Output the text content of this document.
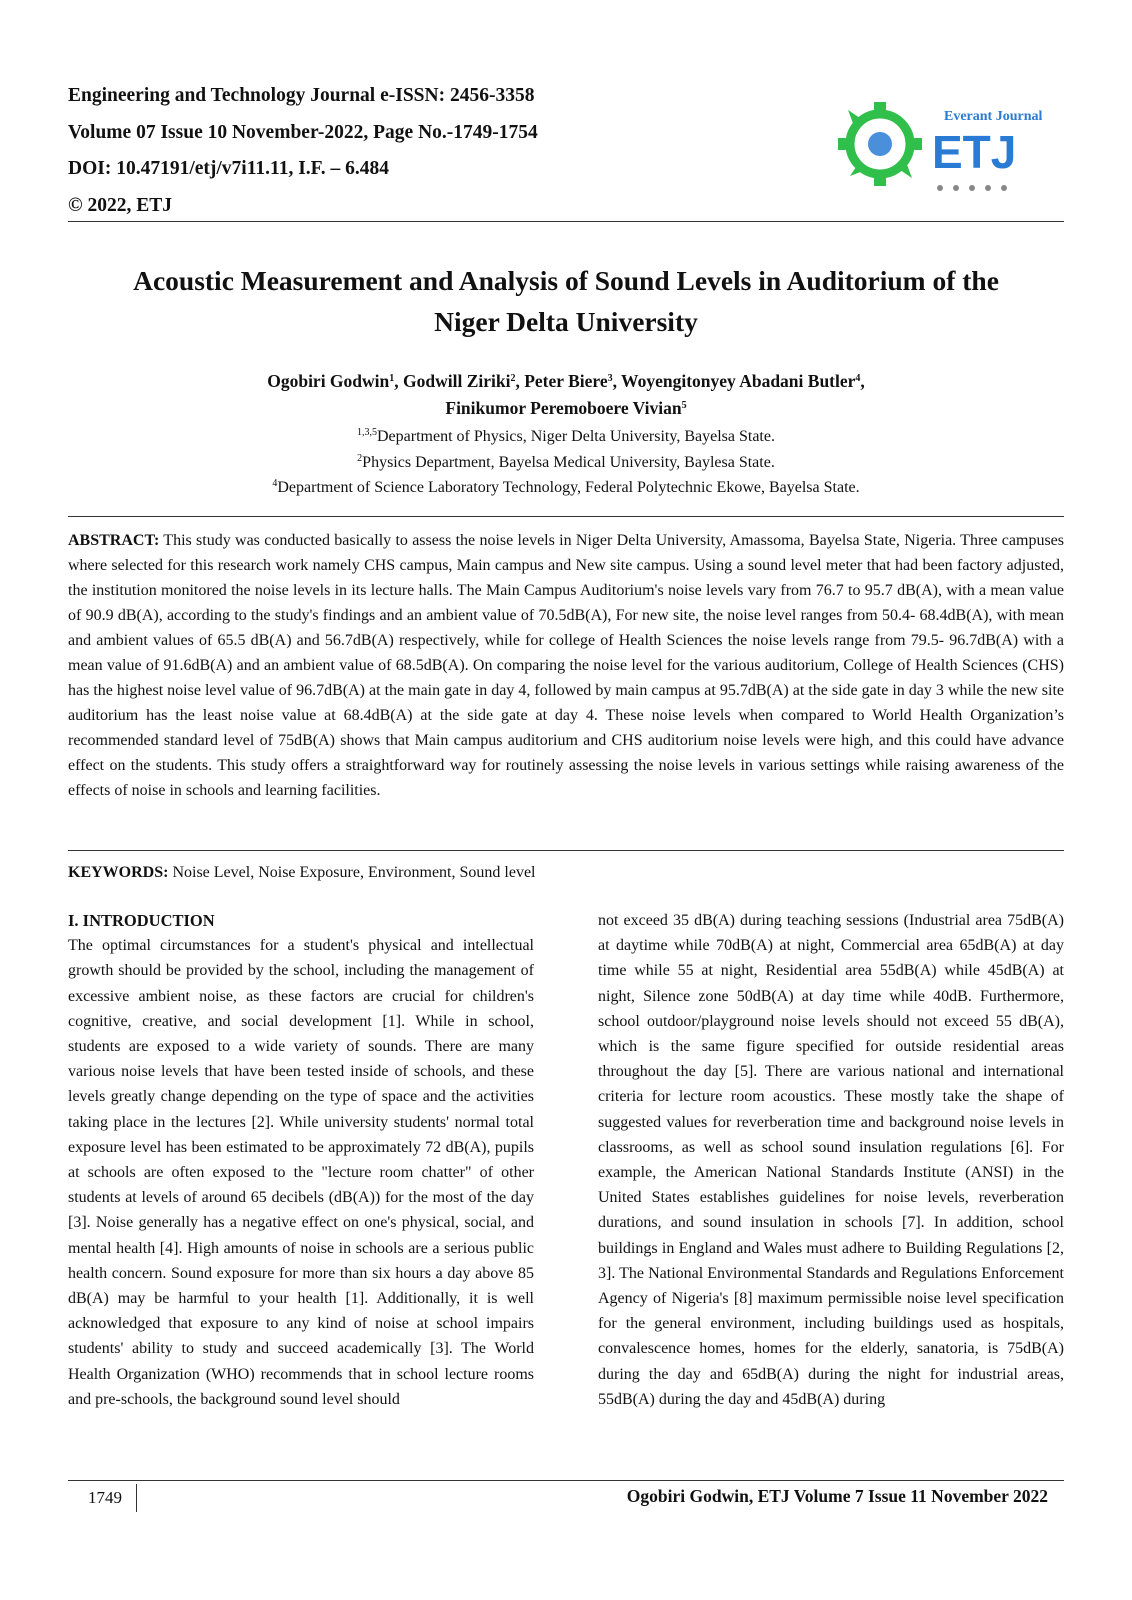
Engineering and Technology Journal e-ISSN: 2456-3358
Volume 07 Issue 10 November-2022, Page No.-1749-1754
DOI: 10.47191/etj/v7i11.11, I.F. – 6.484
© 2022, ETJ
Everant Journal
ETJ
Acoustic Measurement and Analysis of Sound Levels in Auditorium of the
Niger Delta University
Ogobiri Godwin$^1$, Godwill Ziriki$^2$, Peter Biere$^3$, Woyengitonyey Abadani Butler$^4$,
Finikumor Peremoboere Vivian$^5$
$^{1,3,5}$Department of Physics, Niger Delta University, Bayelsa State.
$^2$Physics Department, Bayelsa Medical University, Baylesa State.
$^4$Department of Science Laboratory Technology, Federal Polytechnic Ekowe, Bayelsa State.
ABSTRACT: This study was conducted basically to assess the noise levels in Niger Delta University, Amassoma, Bayelsa State, Nigeria. Three campuses where selected for this research work namely CHS campus, Main campus and New site campus. Using a sound level meter that had been factory adjusted, the institution monitored the noise levels in its lecture halls. The Main Campus Auditorium's noise levels vary from 76.7 to 95.7 dB(A), with a mean value of 90.9 dB(A), according to the study's findings and an ambient value of 70.5dB(A), For new site, the noise level ranges from 50.4- 68.4dB(A), with mean and ambient values of 65.5 dB(A) and 56.7dB(A) respectively, while for college of Health Sciences the noise levels range from 79.5- 96.7dB(A) with a mean value of 91.6dB(A) and an ambient value of 68.5dB(A). On comparing the noise level for the various auditorium, College of Health Sciences (CHS) has the highest noise level value of 96.7dB(A) at the main gate in day 4, followed by main campus at 95.7dB(A) at the side gate in day 3 while the new site auditorium has the least noise value at 68.4dB(A) at the side gate at day 4. These noise levels when compared to World Health Organization’s recommended standard level of 75dB(A) shows that Main campus auditorium and CHS auditorium noise levels were high, and this could have advance effect on the students. This study offers a straightforward way for routinely assessing the noise levels in various settings while raising awareness of the effects of noise in schools and learning facilities.
KEYWORDS: Noise Level, Noise Exposure, Environment, Sound level
I. INTRODUCTION
The optimal circumstances for a student's physical and intellectual growth should be provided by the school, including the management of excessive ambient noise, as these factors are crucial for children's cognitive, creative, and social development [1]. While in school, students are exposed to a wide variety of sounds. There are many various noise levels that have been tested inside of schools, and these levels greatly change depending on the type of space and the activities taking place in the lectures [2]. While university students' normal total exposure level has been estimated to be approximately 72 dB(A), pupils at schools are often exposed to the "lecture room chatter" of other students at levels of around 65 decibels (dB(A)) for the most of the day [3]. Noise generally has a negative effect on one's physical, social, and mental health [4]. High amounts of noise in schools are a serious public health concern. Sound exposure for more than six hours a day above 85 dB(A) may be harmful to your health [1]. Additionally, it is well acknowledged that exposure to any kind of noise at school impairs students' ability to study and succeed academically [3]. The World Health Organization (WHO) recommends that in school lecture rooms and pre-schools, the background sound level should
not exceed 35 dB(A) during teaching sessions (Industrial area 75dB(A) at daytime while 70dB(A) at night, Commercial area 65dB(A) at day time while 55 at night, Residential area 55dB(A) while 45dB(A) at night, Silence zone 50dB(A) at day time while 40dB. Furthermore, school outdoor/playground noise levels should not exceed 55 dB(A), which is the same figure specified for outside residential areas throughout the day [5]. There are various national and international criteria for lecture room acoustics. These mostly take the shape of suggested values for reverberation time and background noise levels in classrooms, as well as school sound insulation regulations [6]. For example, the American National Standards Institute (ANSI) in the United States establishes guidelines for noise levels, reverberation durations, and sound insulation in schools [7]. In addition, school buildings in England and Wales must adhere to Building Regulations [2, 3]. The National Environmental Standards and Regulations Enforcement Agency of Nigeria's [8] maximum permissible noise level specification for the general environment, including buildings used as hospitals, convalescence homes, homes for the elderly, sanatoria, is 75dB(A) during the day and 65dB(A) during the night for industrial areas, 55dB(A) during the day and 45dB(A) during
1749	Ogobiri Godwin, ETJ Volume 7 Issue 11 November 2022
